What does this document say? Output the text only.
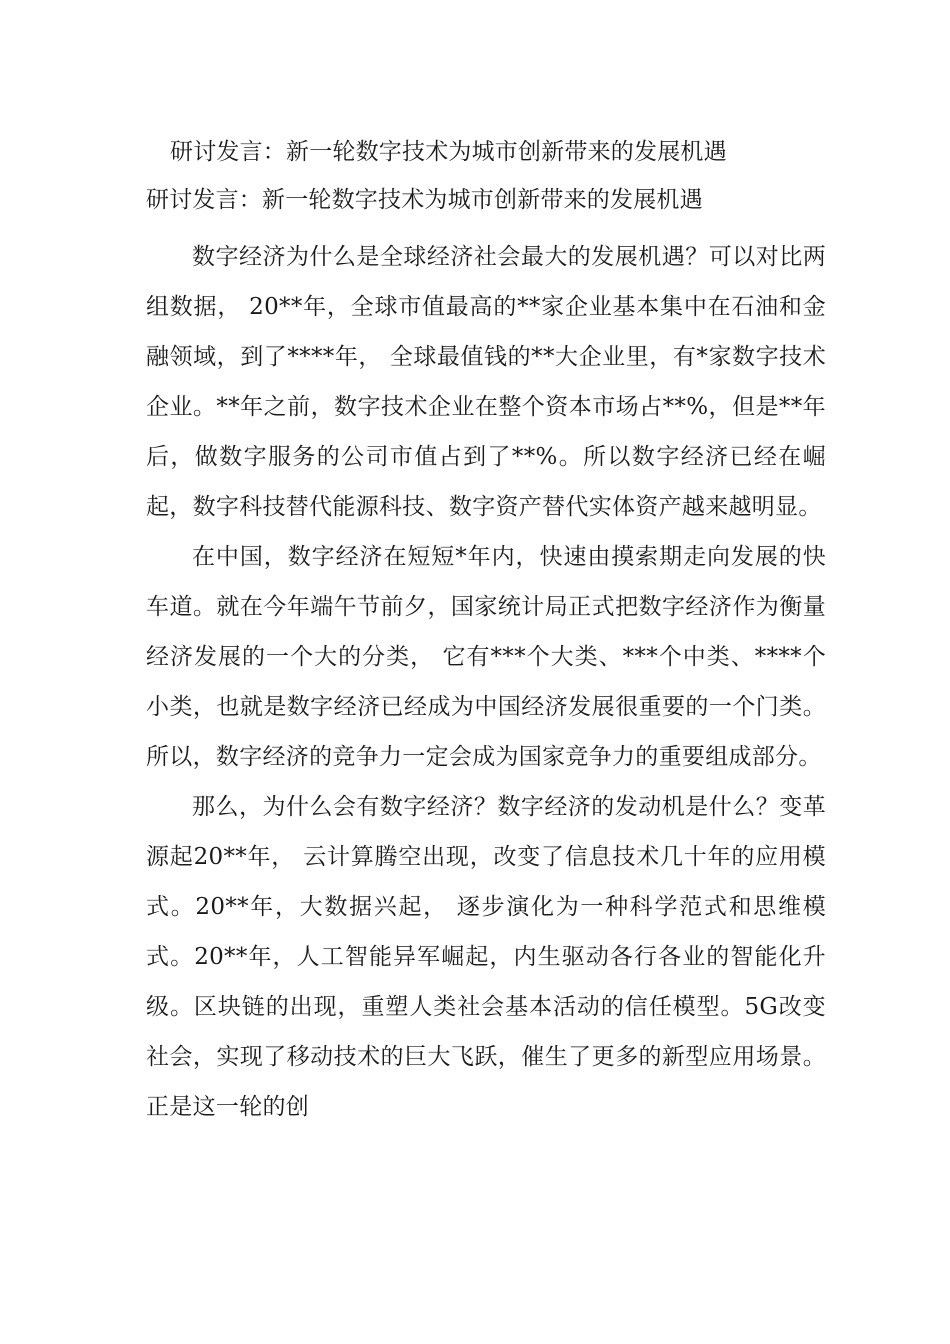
研讨发言：新一轮数字技术为城市创新带来的发展机遇
研讨发言：新一轮数字技术为城市创新带来的发展机遇

数字经济为什么是全球经济社会最大的发展机遇？可以对比两组数据， 20**年，全球市值最高的**家企业基本集中在石油和金融领域，到了****年， 全球最值钱的**大企业里，有*家数字技术企业。**年之前，数字技术企业在整个资本市场占**%，但是**年后，做数字服务的公司市值占到了**%。所以数字经济已经在崛起，数字科技替代能源科技、数字资产替代实体资产越来越明显。

在中国，数字经济在短短*年内，快速由摸索期走向发展的快车道。就在今年端午节前夕，国家统计局正式把数字经济作为衡量经济发展的一个大的分类， 它有***个大类、***个中类、****个小类，也就是数字经济已经成为中国经济发展很重要的一个门类。所以，数字经济的竞争力一定会成为国家竞争力的重要组成部分。

那么，为什么会有数字经济？数字经济的发动机是什么？变革源起20**年， 云计算腾空出现，改变了信息技术几十年的应用模式。20**年，大数据兴起， 逐步演化为一种科学范式和思维模式。20**年，人工智能异军崛起，内生驱动各行各业的智能化升级。区块链的出现，重塑人类社会基本活动的信任模型。5G改变社会，实现了移动技术的巨大飞跃，催生了更多的新型应用场景。正是这一轮的创
